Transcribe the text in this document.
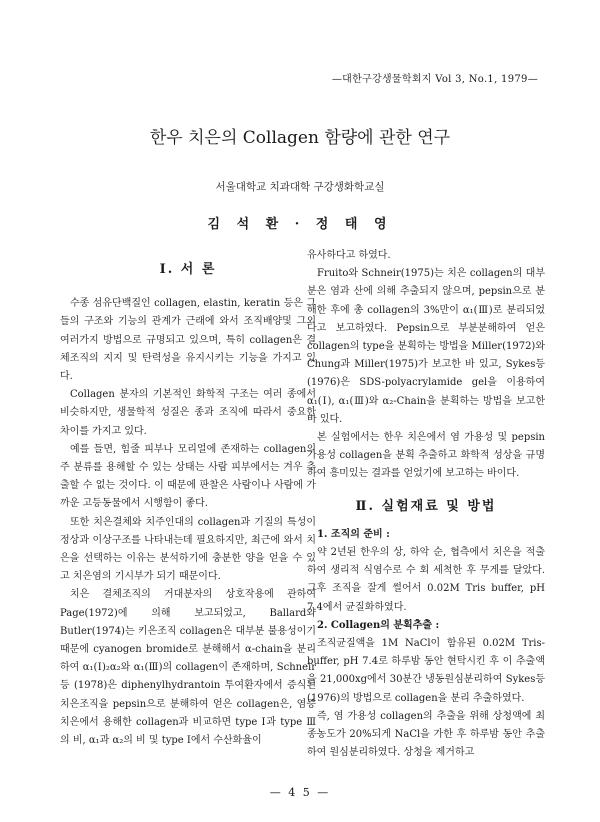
—대한구강생물학회지 Vol 3, No.1, 1979—
한우 치은의 Collagen 함량에 관한 연구
서울대학교 치과대학 구강생화학교실
김 석 환 · 정 태 영
Ⅰ. 서 론

수종 섬유단백질인 collagen, elastin, keratin 등은 그들의 구조와 기능의 관계가 근래에 와서 조직배양및 그외 여러가지 방법으로 규명되고 있으며, 특히 collagen은 결체조직의 지지 및 탄력성을 유지시키는 기능을 가지고 있다.

Collagen 분자의 기본적인 화학적 구조는 여러 종에서 비슷하지만, 생물학적 성질은 종과 조직에 따라서 중요한 차이를 가지고 있다.

예를 들면, 힘줄 피부나 모리얼에 존재하는 collagen의 주 분류를 용해할 수 있는 상태는 사람 피부에서는 겨우 추출할 수 없는 것이다. 이 때문에 판찰은 사람이나 사람에 가까운 고등동물에서 시행함이 좋다.

또한 치은결체와 치주인대의 collagen과 기질의 특성이 정상과 이상구조를 나타내는데 필요하지만, 최근에 와서 치은을 선택하는 이유는 분석하기에 충분한 양을 얻을 수 있고 치은염의 기시부가 되기 때문이다.

치은 결체조직의 거대분자의 상호작용에 관하여 Page(1972)에 의해 보고되었고, Ballard와 Butler(1974)는 키은조직 collagen은 대부분 불용성이기 때문에 cyanogen bromide로 분해해서 α-chain을 분리하여 α₁(Ⅰ)₂α₂와 α₁(Ⅲ)의 collagen이 존재하며, Schneir등 (1978)은 diphenylhydrantoin 투여환자에서 증식된 치은조직을 pepsin으로 분해하여 얻은 collagen은, 염증치은에서 용해한 collagen과 비교하면 type Ⅰ과 type Ⅲ의 비, α₁과 α₂의 비 및 type Ⅰ에서 수산화율이

유사하다고 하였다.

Fruito와 Schneir(1975)는 치은 collagen의 대부분은 염과 산에 의해 추출되지 않으며, pepsin으로 분해한 후에 총 collagen의 3%만이 α₁(Ⅲ)로 분리되었다고 보고하였다. Pepsin으로 부분분해하여 얻은 collagen의 type을 분획하는 방법을 Miller(1972)와 Chung과 Miller(1975)가 보고한 바 있고, Sykes등(1976)은 SDS-polyacrylamide gel을 이용하여 α₁(Ⅰ), α₁(Ⅲ)와 α₂-Chain을 분획하는 방법을 보고한 바 있다.

본 실험에서는 한우 치은에서 염 가용성 및 pepsin 가용성 collagen을 분획 추출하고 화학적 성상을 규명하여 흥미있는 결과를 얻었기에 보고하는 바이다.

Ⅱ. 실험재료 및 방법

1. 조직의 준비 :

약 2년된 한우의 상, 하악 순, 협측에서 치은을 적출하여 생리적 식염수로 수 회 세척한 후 무게를 달았다. 그후 조직을 잘게 썰어서 0.02M Tris buffer, pH 7.4에서 균질화하였다.

2. Collagen의 분획추출 :

조직균질액을 1M NaCl이 함유된 0.02M Tris-buffer, pH 7.4로 하루밤 동안 현탁시킨 후 이 추출액을 21,000xg에서 30분간 냉동원심분리하여 Sykes등(1976)의 방법으로 collagen을 분리 추출하였다.

즉, 염 가용성 collagen의 추출을 위해 상청액에 최종농도가 20%되게 NaCl을 가한 후 하루밤 동안 추출하여 원심분리하였다. 상청을 제거하고

— 4 5 —
